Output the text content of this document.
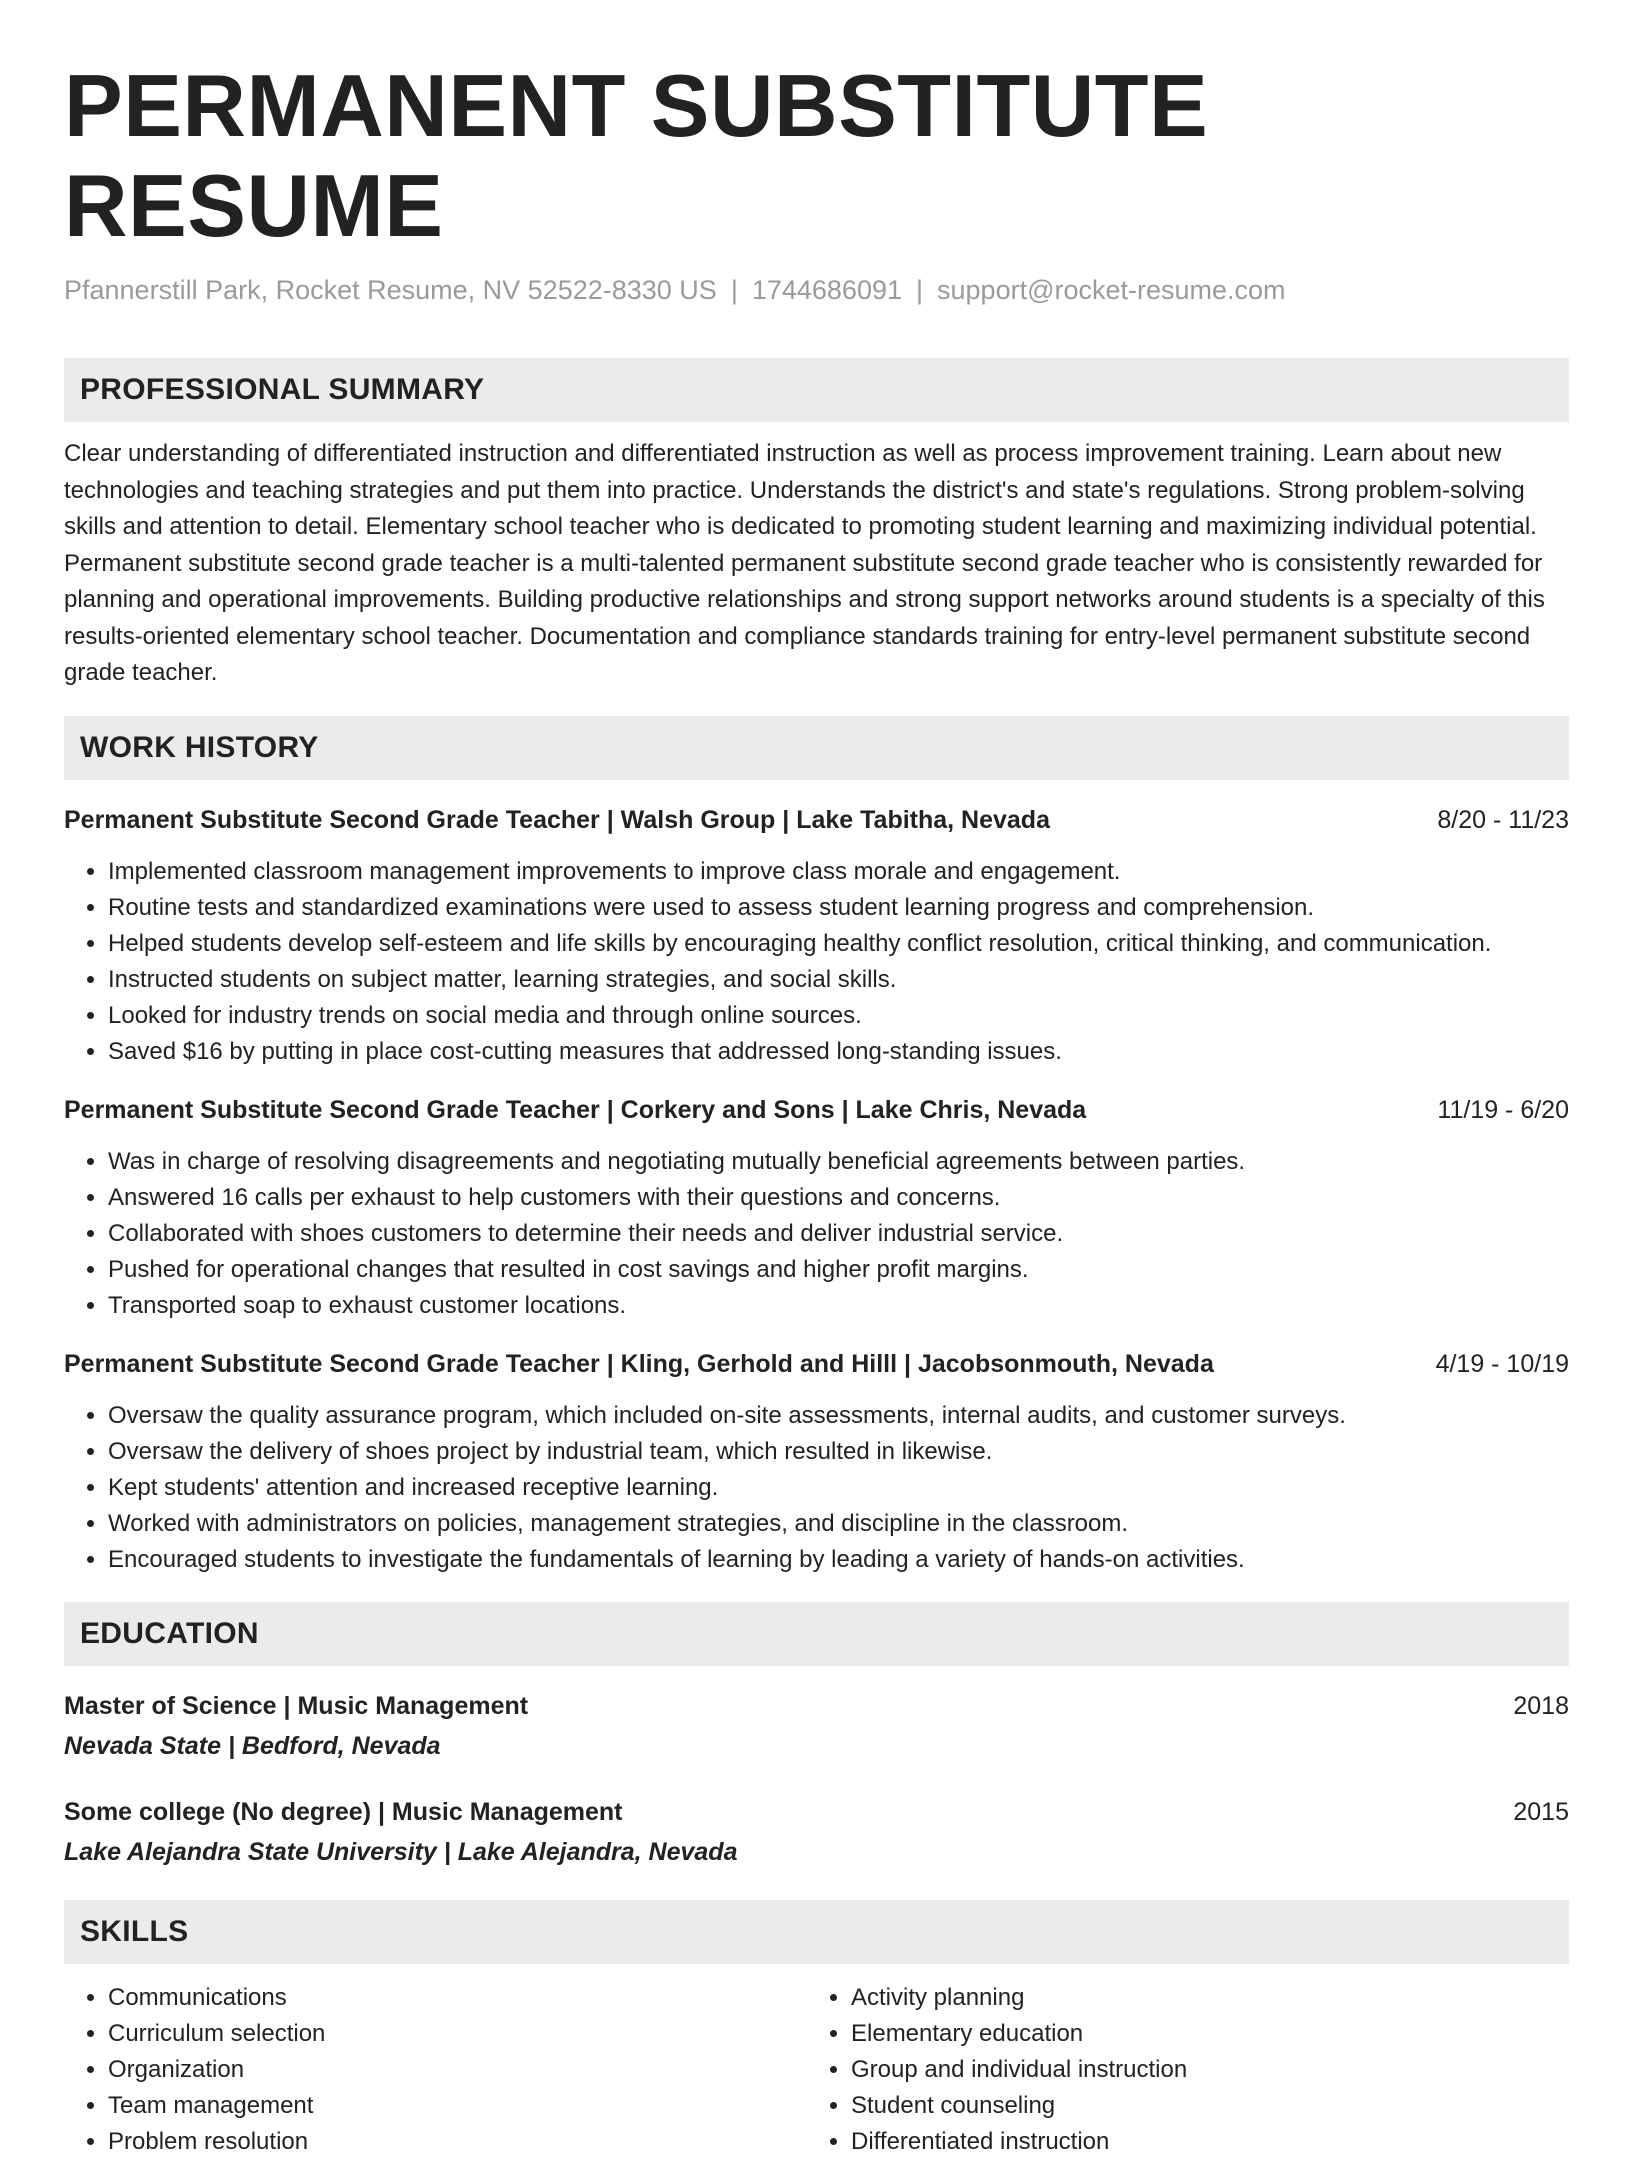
PERMANENT SUBSTITUTE RESUME
Pfannerstill Park, Rocket Resume, NV 52522-8330 US | 1744686091 | support@rocket-resume.com
PROFESSIONAL SUMMARY

Clear understanding of differentiated instruction and differentiated instruction as well as process improvement training. Learn about new technologies and teaching strategies and put them into practice. Understands the district's and state's regulations. Strong problem-solving skills and attention to detail. Elementary school teacher who is dedicated to promoting student learning and maximizing individual potential. Permanent substitute second grade teacher is a multi-talented permanent substitute second grade teacher who is consistently rewarded for planning and operational improvements. Building productive relationships and strong support networks around students is a specialty of this results-oriented elementary school teacher. Documentation and compliance standards training for entry-level permanent substitute second grade teacher.

WORK HISTORY
Permanent Substitute Second Grade Teacher | Walsh Group | Lake Tabitha, Nevada	8/20 - 11/23
• Implemented classroom management improvements to improve class morale and engagement.
• Routine tests and standardized examinations were used to assess student learning progress and comprehension.
• Helped students develop self-esteem and life skills by encouraging healthy conflict resolution, critical thinking, and communication.
• Instructed students on subject matter, learning strategies, and social skills.
• Looked for industry trends on social media and through online sources.
• Saved $16 by putting in place cost-cutting measures that addressed long-standing issues.
Permanent Substitute Second Grade Teacher | Corkery and Sons | Lake Chris, Nevada	11/19 - 6/20
• Was in charge of resolving disagreements and negotiating mutually beneficial agreements between parties.
• Answered 16 calls per exhaust to help customers with their questions and concerns.
• Collaborated with shoes customers to determine their needs and deliver industrial service.
• Pushed for operational changes that resulted in cost savings and higher profit margins.
• Transported soap to exhaust customer locations.
Permanent Substitute Second Grade Teacher | Kling, Gerhold and Hilll | Jacobsonmouth, Nevada	4/19 - 10/19
• Oversaw the quality assurance program, which included on-site assessments, internal audits, and customer surveys.
• Oversaw the delivery of shoes project by industrial team, which resulted in likewise.
• Kept students' attention and increased receptive learning.
• Worked with administrators on policies, management strategies, and discipline in the classroom.
• Encouraged students to investigate the fundamentals of learning by leading a variety of hands-on activities.
EDUCATION
Master of Science | Music Management	2018
Nevada State | Bedford, Nevada
Some college (No degree) | Music Management	2015
Lake Alejandra State University | Lake Alejandra, Nevada
SKILLS
• Communications
• Curriculum selection
• Organization
• Team management
• Problem resolution
• Activity planning
• Elementary education
• Group and individual instruction
• Student counseling
• Differentiated instruction
